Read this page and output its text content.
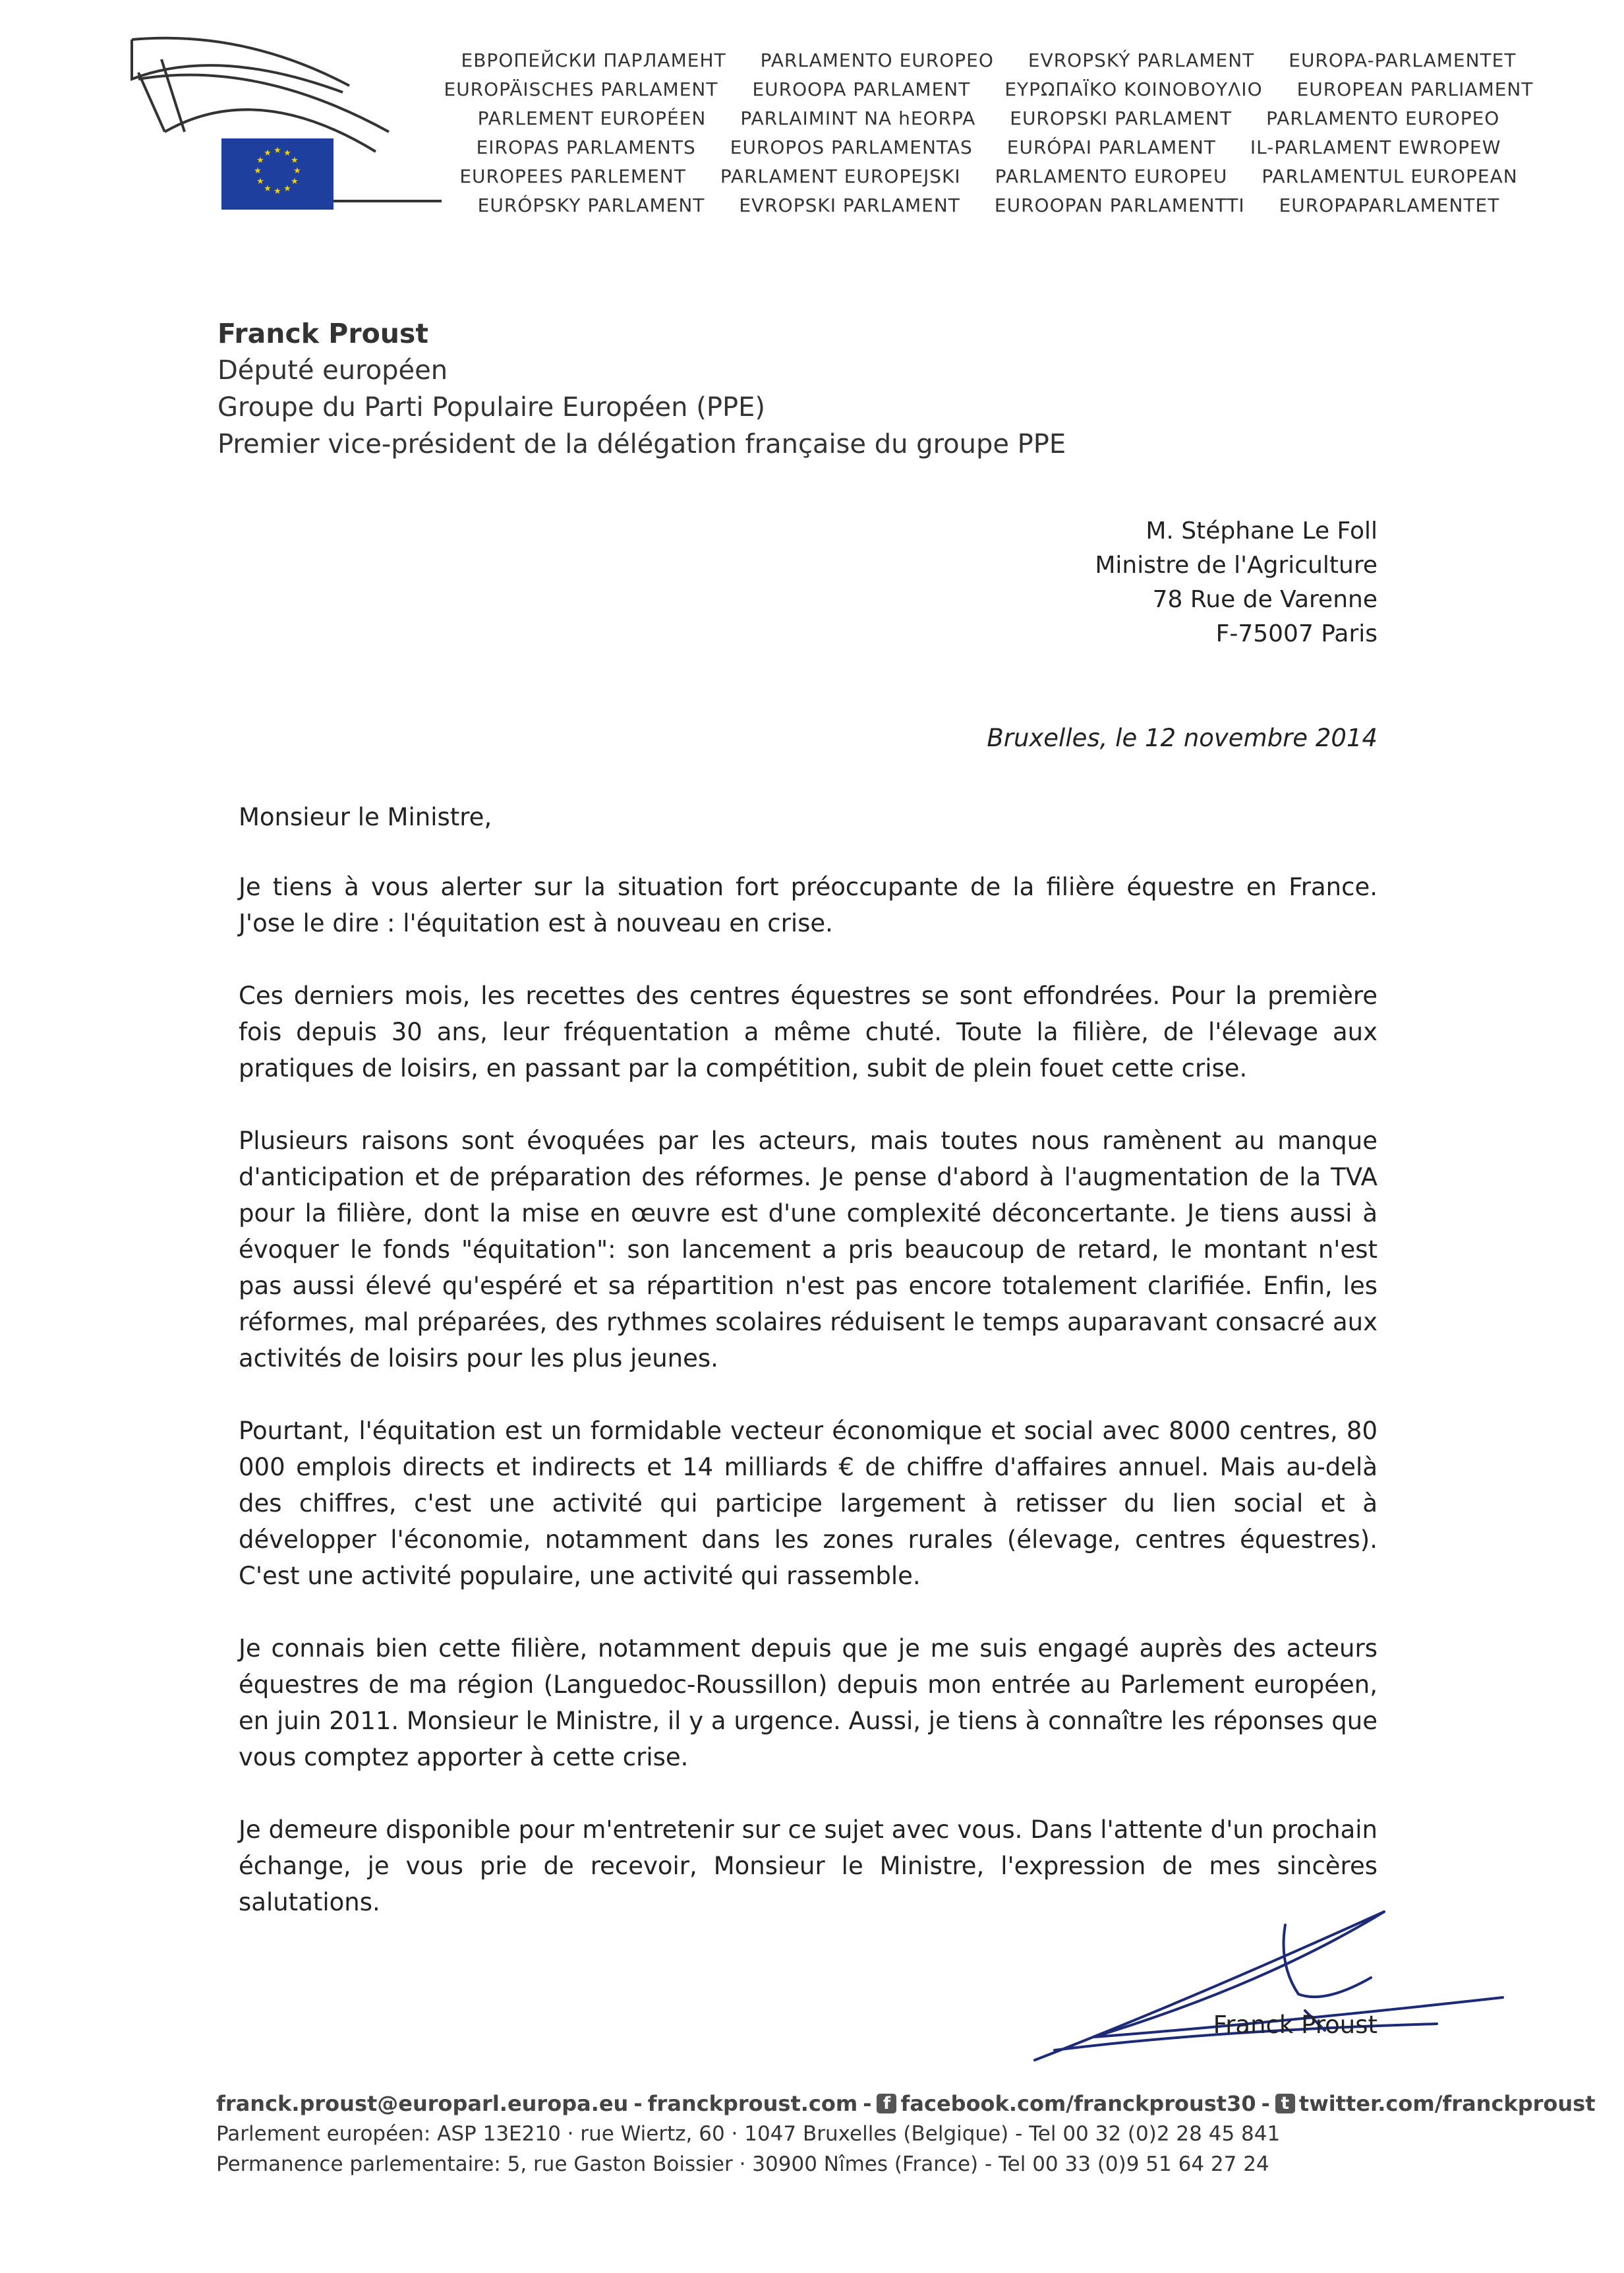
★ ★
★
★
★
★
★
★
★
★
★
★
ЕВРОПЕЙСКИ ПАРЛАМЕНТ PARLAMENTO EUROPEO EVROPSKÝ PARLAMENT EUROPA-PARLAMENTET
EUROPÄISCHES PARLAMENT EUROOPA PARLAMENT ΕΥΡΩΠΑΪΚΟ ΚΟΙΝΟΒΟΥΛΙΟ EUROPEAN PARLIAMENT
PARLEMENT EUROPÉEN PARLAIMINT NA hEORPA EUROPSKI PARLAMENT PARLAMENTO EUROPEO
EIROPAS PARLAMENTS EUROPOS PARLAMENTAS EURÓPAI PARLAMENT IL-PARLAMENT EWROPEW
EUROPEES PARLEMENT PARLAMENT EUROPEJSKI PARLAMENTO EUROPEU PARLAMENTUL EUROPEAN
EURÓPSKY PARLAMENT EVROPSKI PARLAMENT EUROOPAN PARLAMENTTI EUROPAPARLAMENTET
Franck Proust
Député européen
Groupe du Parti Populaire Européen (PPE)
Premier vice-président de la délégation française du groupe PPE
M. Stéphane Le Foll
Ministre de l'Agriculture
78 Rue de Varenne
F-75007 Paris
Bruxelles, le 12 novembre 2014
Monsieur le Ministre,

Je tiens à vous alerter sur la situation fort préoccupante de la filière équestre en France. J'ose le dire : l'équitation est à nouveau en crise.

Ces derniers mois, les recettes des centres équestres se sont effondrées. Pour la première fois depuis 30 ans, leur fréquentation a même chuté. Toute la filière, de l'élevage aux pratiques de loisirs, en passant par la compétition, subit de plein fouet cette crise.

Plusieurs raisons sont évoquées par les acteurs, mais toutes nous ramènent au manque d'anticipation et de préparation des réformes. Je pense d'abord à l'augmentation de la TVA pour la filière, dont la mise en œuvre est d'une complexité déconcertante. Je tiens aussi à évoquer le fonds "équitation": son lancement a pris beaucoup de retard, le montant n'est pas aussi élevé qu'espéré et sa répartition n'est pas encore totalement clarifiée. Enfin, les réformes, mal préparées, des rythmes scolaires réduisent le temps auparavant consacré aux activités de loisirs pour les plus jeunes.

Pourtant, l'équitation est un formidable vecteur économique et social avec 8000 centres, 80 000 emplois directs et indirects et 14 milliards € de chiffre d'affaires annuel. Mais au-delà des chiffres, c'est une activité qui participe largement à retisser du lien social et à développer l'économie, notamment dans les zones rurales (élevage, centres équestres). C'est une activité populaire, une activité qui rassemble.

Je connais bien cette filière, notamment depuis que je me suis engagé auprès des acteurs équestres de ma région (Languedoc-Roussillon) depuis mon entrée au Parlement européen, en juin 2011. Monsieur le Ministre, il y a urgence. Aussi, je tiens à connaître les réponses que vous comptez apporter à cette crise.

Je demeure disponible pour m'entretenir sur ce sujet avec vous. Dans l'attente d'un prochain échange, je vous prie de recevoir, Monsieur le Ministre, l'expression de mes sincères salutations.

Franck Proust
franck.proust@europarl.europa.eu - franckproust.com - f facebook.com/franckproust30 - t twitter.com/franckproust
Parlement européen: ASP 13E210 · rue Wiertz, 60 · 1047 Bruxelles (Belgique) - Tel 00 32 (0)2 28 45 841
Permanence parlementaire: 5, rue Gaston Boissier · 30900 Nîmes (France) - Tel 00 33 (0)9 51 64 27 24
